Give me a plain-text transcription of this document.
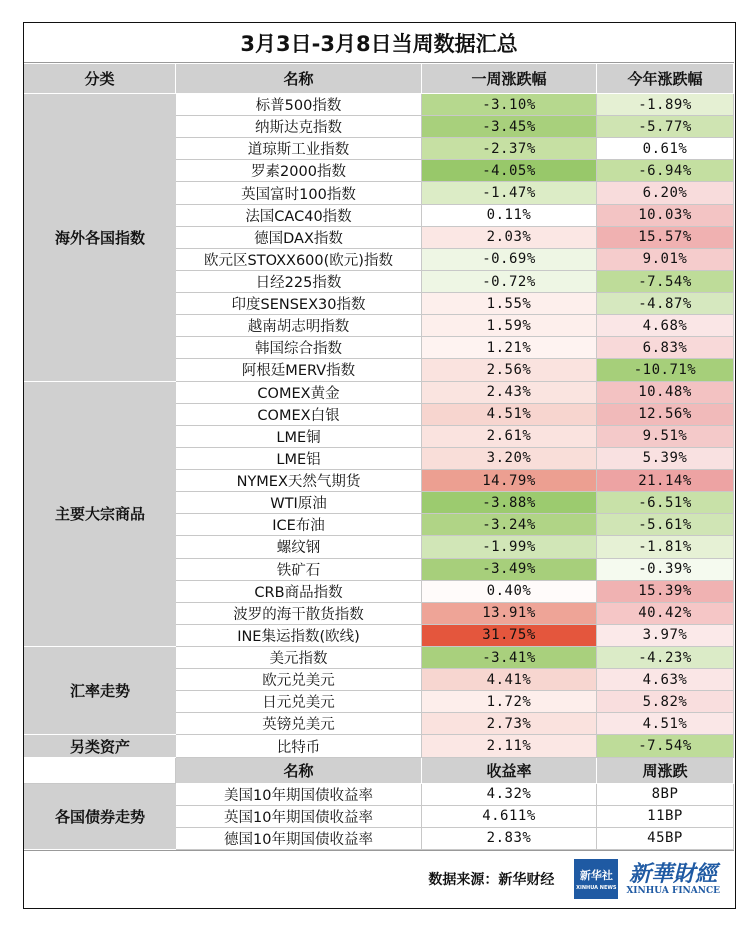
3月3日-3月8日当周数据汇总
分类	名称	一周涨跌幅	今年涨跌幅
海外各国指数
标普500指数	-3.10%	-1.89%
纳斯达克指数	-3.45%	-5.77%
道琼斯工业指数	-2.37%	0.61%
罗素2000指数	-4.05%	-6.94%
英国富时100指数	-1.47%	6.20%
法国CAC40指数	0.11%	10.03%
德国DAX指数	2.03%	15.57%
欧元区STOXX600(欧元)指数	-0.69%	9.01%
日经225指数	-0.72%	-7.54%
印度SENSEX30指数	1.55%	-4.87%
越南胡志明指数	1.59%	4.68%
韩国综合指数	1.21%	6.83%
阿根廷MERV指数	2.56%	-10.71%
主要大宗商品
COMEX黄金	2.43%	10.48%
COMEX白银	4.51%	12.56%
LME铜	2.61%	9.51%
LME铝	3.20%	5.39%
NYMEX天然气期货	14.79%	21.14%
WTI原油	-3.88%	-6.51%
ICE布油	-3.24%	-5.61%
螺纹钢	-1.99%	-1.81%
铁矿石	-3.49%	-0.39%
CRB商品指数	0.40%	15.39%
波罗的海干散货指数	13.91%	40.42%
INE集运指数(欧线)	31.75%	3.97%
汇率走势
美元指数	-3.41%	-4.23%
欧元兑美元	4.41%	4.63%
日元兑美元	1.72%	5.82%
英镑兑美元	2.73%	4.51%
另类资产	比特币	2.11%	-7.54%
名称	收益率	周涨跌
各国债券走势
美国10年期国债收益率	4.32%	8BP
英国10年期国债收益率	4.611%	11BP
德国10年期国债收益率	2.83%	45BP
数据来源：新华财经 新华社
XINHUA NEWS
新華財經
XINHUA FINANCE
